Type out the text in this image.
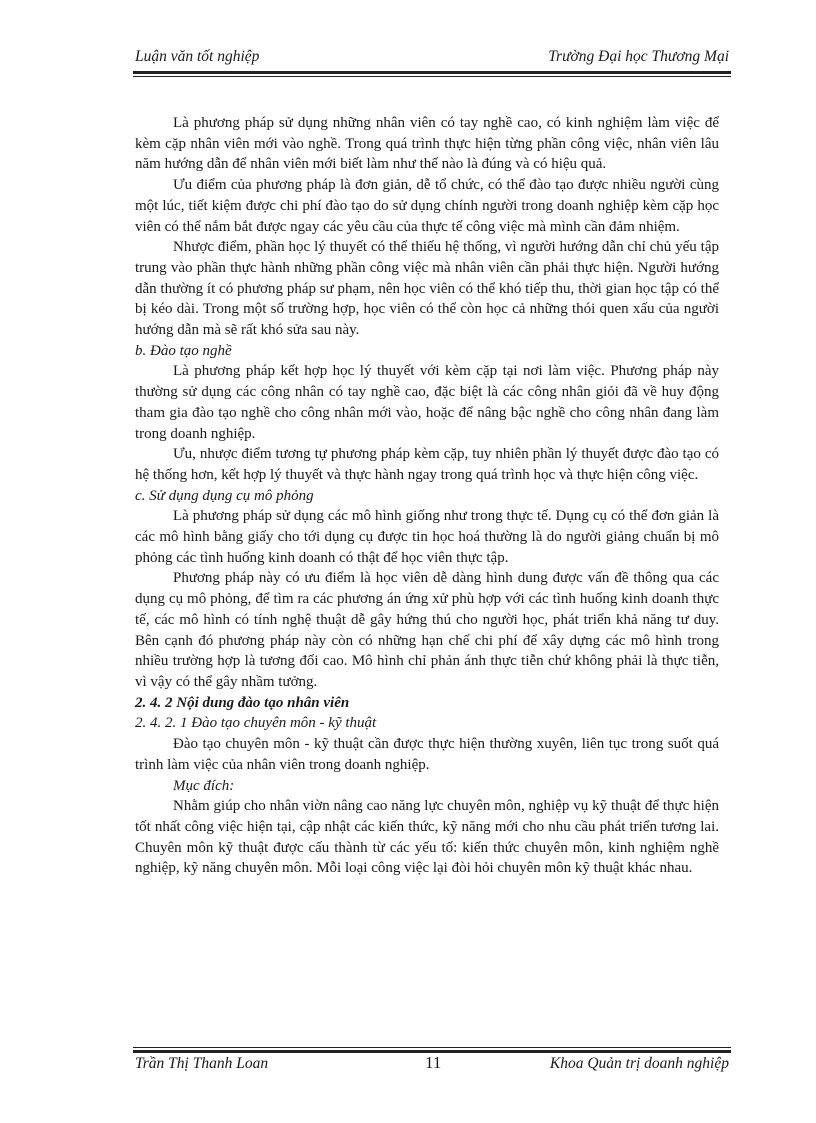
Luận văn tốt nghiệp	Trường Đại học Thương Mại

Là phương pháp sử dụng những nhân viên có tay nghề cao, có kinh nghiệm làm việc để kèm cặp nhân viên mới vào nghề. Trong quá trình thực hiện từng phần công việc, nhân viên lâu năm hướng dẫn để nhân viên mới biết làm như thế nào là đúng và có hiệu quả.

Ưu điểm của phương pháp là đơn giản, dễ tổ chức, có thể đào tạo được nhiều người cùng một lúc, tiết kiệm được chi phí đào tạo do sử dụng chính người trong doanh nghiệp kèm cặp học viên có thể nắm bắt được ngay các yêu cầu của thực tế công việc mà mình cần đảm nhiệm.

Nhược điểm, phần học lý thuyết có thể thiếu hệ thống, vì người hướng dẫn chỉ chủ yếu tập trung vào phần thực hành những phần công việc mà nhân viên cần phải thực hiện. Người hướng dẫn thường ít có phương pháp sư phạm, nên học viên có thể khó tiếp thu, thời gian học tập có thể bị kéo dài. Trong một số trường hợp, học viên có thể còn học cả những thói quen xấu của người hướng dẫn mà sẽ rất khó sửa sau này.

b. Đào tạo nghề

Là phương pháp kết hợp học lý thuyết với kèm cặp tại nơi làm việc. Phương pháp này thường sử dụng các công nhân có tay nghề cao, đặc biệt là các công nhân giỏi đã về huy động tham gia đào tạo nghề cho công nhân mới vào, hoặc để nâng bậc nghề cho công nhân đang làm trong doanh nghiệp.

Ưu, nhược điểm tương tự phương pháp kèm cặp, tuy nhiên phần lý thuyết được đào tạo có hệ thống hơn, kết hợp lý thuyết và thực hành ngay trong quá trình học và thực hiện công việc.

c. Sử dụng dụng cụ mô phỏng

Là phương pháp sử dụng các mô hình giống như trong thực tế. Dụng cụ có thể đơn giản là các mô hình bằng giấy cho tới dụng cụ được tin học hoá thường là do người giảng chuẩn bị mô phỏng các tình huống kinh doanh có thật để học viên thực tập.

Phương pháp này có ưu điểm là học viên dễ dàng hình dung được vấn đề thông qua các dụng cụ mô phỏng, để tìm ra các phương án ứng xử phù hợp với các tình huống kinh doanh thực tế, các mô hình có tính nghệ thuật dễ gây hứng thú cho người học, phát triển khả năng tư duy. Bên cạnh đó phương pháp này còn có những hạn chế chi phí để xây dựng các mô hình trong nhiều trường hợp là tương đối cao. Mô hình chỉ phản ánh thực tiễn chứ không phải là thực tiễn, vì vậy có thể gây nhầm tưởng.

2. 4. 2 Nội dung đào tạo nhân viên

2. 4. 2. 1 Đào tạo chuyên môn - kỹ thuật

Đào tạo chuyên môn - kỹ thuật cần được thực hiện thường xuyên, liên tục trong suốt quá trình làm việc của nhân viên trong doanh nghiệp.

Mục đích:

Nhằm giúp cho nhân viờn nâng cao năng lực chuyên môn, nghiệp vụ kỹ thuật để thực hiện tốt nhất công việc hiện tại, cập nhật các kiến thức, kỹ năng mới cho nhu cầu phát triển tương lai. Chuyên môn kỹ thuật được cấu thành từ các yếu tố: kiến thức chuyên môn, kinh nghiệm nghề nghiệp, kỹ năng chuyên môn. Mỗi loại công việc lại đòi hỏi chuyên môn kỹ thuật khác nhau.

Trần Thị Thanh Loan	11	Khoa Quản trị doanh nghiệp
